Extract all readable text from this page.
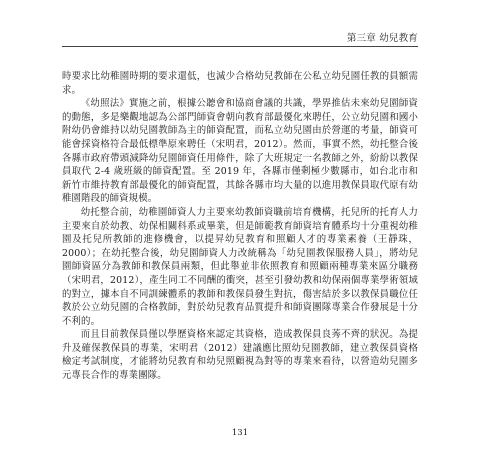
第三章 幼兒教育

時要求比幼稚園時期的要求還低，也減少合格幼兒教師在公私立幼兒園任教的員額需求。

《幼照法》實施之前，根據公聽會和協商會議的共識，學界推估未來幼兒園師資的動態，多是樂觀地認為公部門師資會朝向教育部最優化來聘任，公立幼兒園和國小附幼仍會維持以幼兒園教師為主的師資配置，而私立幼兒園由於營運的考量，師資可能會採資格符合最低標準原來聘任（宋明君，2012）。然而，事實不然，幼托整合後各縣市政府帶頭減降幼兒園師資任用條件，除了大班規定一名教師之外，紛紛以教保員取代 2-4 歲班級的師資配置。至 2019 年，各縣市僅剩極少數縣市，如台北市和新竹市維持教育部最優化的師資配置，其餘各縣市均大量的以進用教保員取代原有幼稚園階段的師資規模。

幼托整合前，幼稚園師資人力主要來幼教師資職前培育機構，托兒所的托育人力主要來自於幼教、幼保相關科系或畢業，但是師範教育師資培育體系均十分重視幼稚園及托兒所教師的進修機會，以提昇幼兒教育和照顧人才的專業素養（王靜珠，2000）；在幼托整合後，幼兒園師資人力改統稱為「幼兒園教保服務人員」，將幼兒園師資區分為教師和教保員兩類，但此舉並非依照教育和照顧兩種專業來區分職務（宋明君，2012），產生同工不同酬的衝突，甚至引發幼教和幼保兩個專業學術領域的對立，據本自不同訓練體系的教師和教保員發生對抗，傷害結於多以教保員職位任教於公立幼兒園的合格教師，對於幼兒教育品質提升和師資團隊專業合作發展是十分不利的。

而且目前教保員僅以學歷資格來認定其資格，造成教保員良莠不齊的狀況。為提升及確保教保員的專業，宋明君（2012）建議應比照幼兒園教師，建立教保員資格檢定考試制度，才能將幼兒教育和幼兒照顧視為對等的專業來看待，以營造幼兒園多元專長合作的專業團隊。

131
